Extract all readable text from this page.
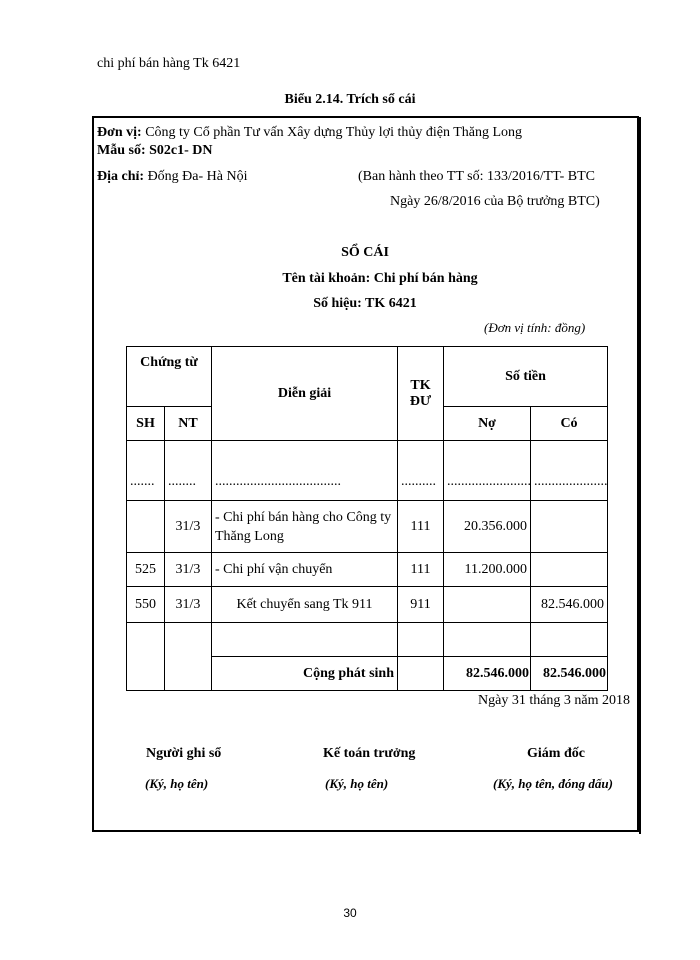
chi phí bán hàng Tk 6421
Biểu 2.14. Trích sổ cái
Đơn vị: Công ty Cổ phần Tư vấn Xây dựng Thủy lợi thủy điện Thăng Long
Mẫu số: S02c1- DN
Địa chỉ: Đống Đa- Hà Nội	(Ban hành theo TT số: 133/2016/TT- BTC
Ngày 26/8/2016 của Bộ trưởng BTC)
SỔ CÁI
Tên tài khoản: Chi phí bán hàng
Số hiệu: TK 6421
(Đơn vị tính: đồng)
Chứng từ		Diễn giải	TK ĐƯ	Số tiền	
SH	NT			Nợ	Có
.......	........	....................................	..........	........................	.....................
	31/3	- Chi phí bán hàng cho Công ty Thăng Long	111	20.356.000	
525	31/3	- Chi phí vận chuyển	111	11.200.000	
550	31/3	Kết chuyển sang Tk 911	911		82.546.000

		Cộng phát sinh		82.546.000	82.546.000
Ngày 31 tháng 3 năm 2018
Người ghi sổ	Kế toán trưởng	Giám đốc
(Ký, họ tên)	(Ký, họ tên)	(Ký, họ tên, đóng dấu)
30
